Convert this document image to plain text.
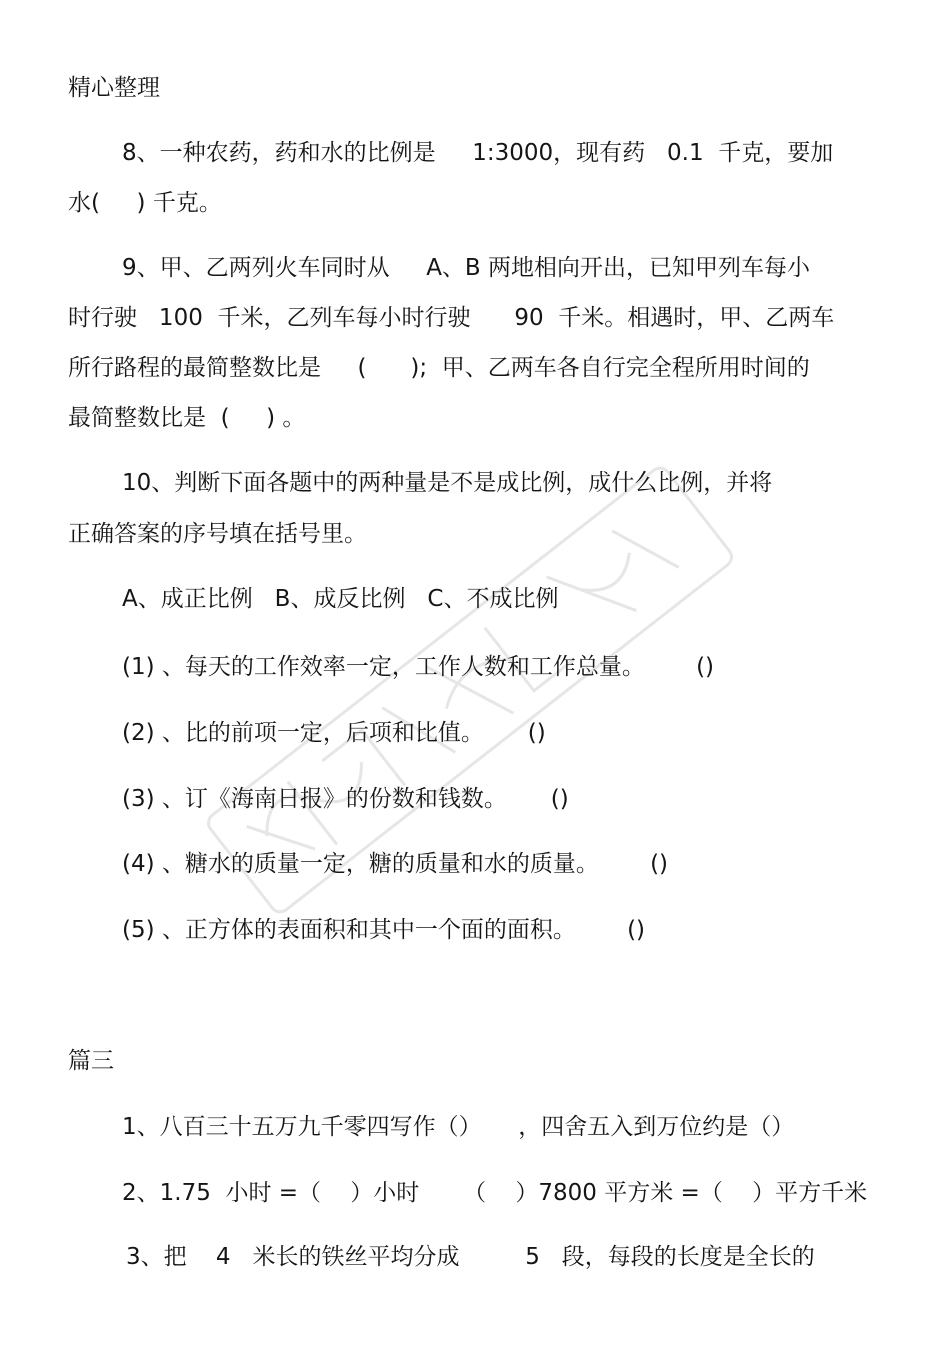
精心整理
8、一种农药，药和水的比例是     1:3000，现有药   0.1  千克，要加
水(     ) 千克。
9、甲、乙两列火车同时从     A、B 两地相向开出，已知甲列车每小
时行驶   100  千米，乙列车每小时行驶      90  千米。相遇时，甲、乙两车
所行路程的最简整数比是     (      );  甲、乙两车各自行完全程所用时间的
最简整数比是  (     ) 。
10、判断下面各题中的两种量是不是成比例，成什么比例，并将
正确答案的序号填在括号里。
A、成正比例   B、成反比例   C、不成比例
(1) 、每天的工作效率一定，工作人数和工作总量。       ()
(2) 、比的前项一定，后项和比值。      ()
(3) 、订《海南日报》的份数和钱数。      ()
(4) 、糖水的质量一定，糖的质量和水的质量。       ()
(5) 、正方体的表面积和其中一个面的面积。       ()
篇三
1、八百三十五万九千零四写作（）     ，四舍五入到万位约是（）
2、1.75  小时 =（    ）小时      （    ）7800 平方米 =（    ）平方千米
3、把    4   米长的铁丝平均分成         5   段，每段的长度是全长的
